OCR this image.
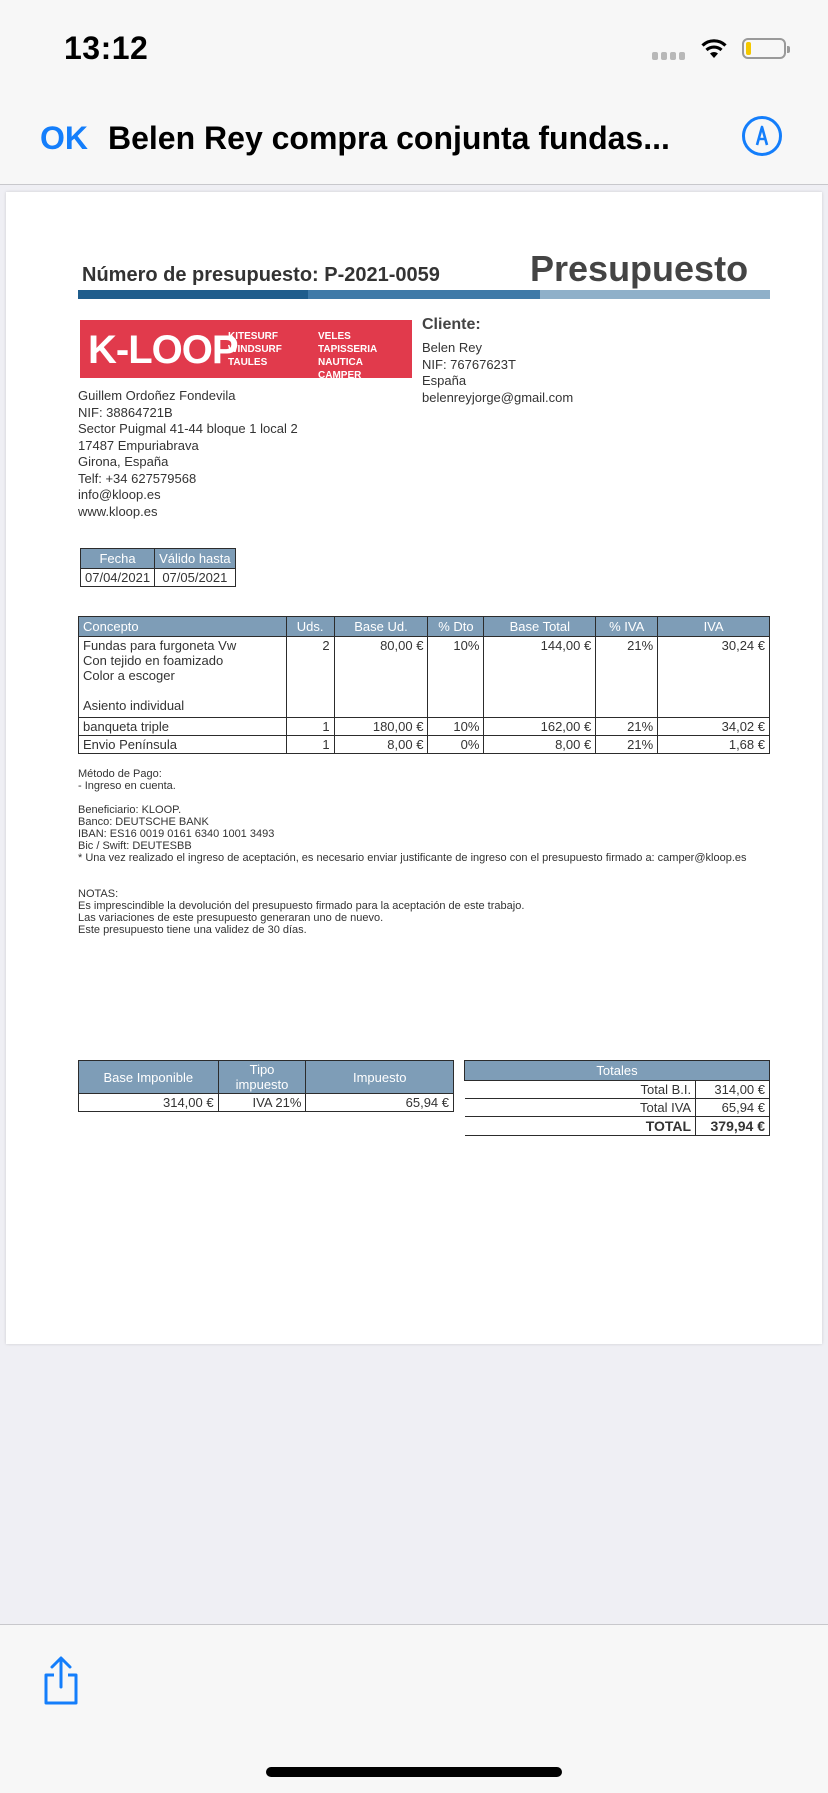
13:12
OK Belen Rey compra conjunta fundas...
Número de presupuesto: P-2021-0059	Presupuesto
K-LOOP
KITESURF
WINDSURF
TAULES
VELES
TAPISSERIA NAUTICA
CAMPER
Cliente:
Belen Rey
NIF: 76767623T
España
belenreyjorge@gmail.com
Guillem Ordoñez Fondevila
NIF: 38864721B
Sector Puigmal 41-44 bloque 1 local 2
17487 Empuriabrava
Girona, España
Telf: +34 627579568
info@kloop.es
www.kloop.es
Fecha	Válido hasta
07/04/2021	07/05/2021
Concepto	Uds.	Base Ud.	% Dto	Base Total	% IVA	IVA

Fundas para furgoneta Vw
Con tejido en foamizado
Color a escoger
Asiento individual	2	80,00 €	10%	144,00 €	21%	30,24 €
banqueta triple	1	180,00 €	10%	162,00 €	21%	34,02 €
Envio Península	1	8,00 €	0%	8,00 €	21%	1,68 €
Método de Pago:
- Ingreso en cuenta.
Beneficiario: KLOOP.
Banco: DEUTSCHE BANK
IBAN: ES16 0019 0161 6340 1001 3493
Bic / Swift: DEUTESBB
* Una vez realizado el ingreso de aceptación, es necesario enviar justificante de ingreso con el presupuesto firmado a: camper@kloop.es
NOTAS:
Es imprescindible la devolución del presupuesto firmado para la aceptación de este trabajo.
Las variaciones de este presupuesto generaran uno de nuevo.
Este presupuesto tiene una validez de 30 días.
Base Imponible	Tipo impuesto	Impuesto
314,00 €	IVA 21%	65,94 €
Totales	
Total B.I.	314,00 €
Total IVA	65,94 €
TOTAL	379,94 €
